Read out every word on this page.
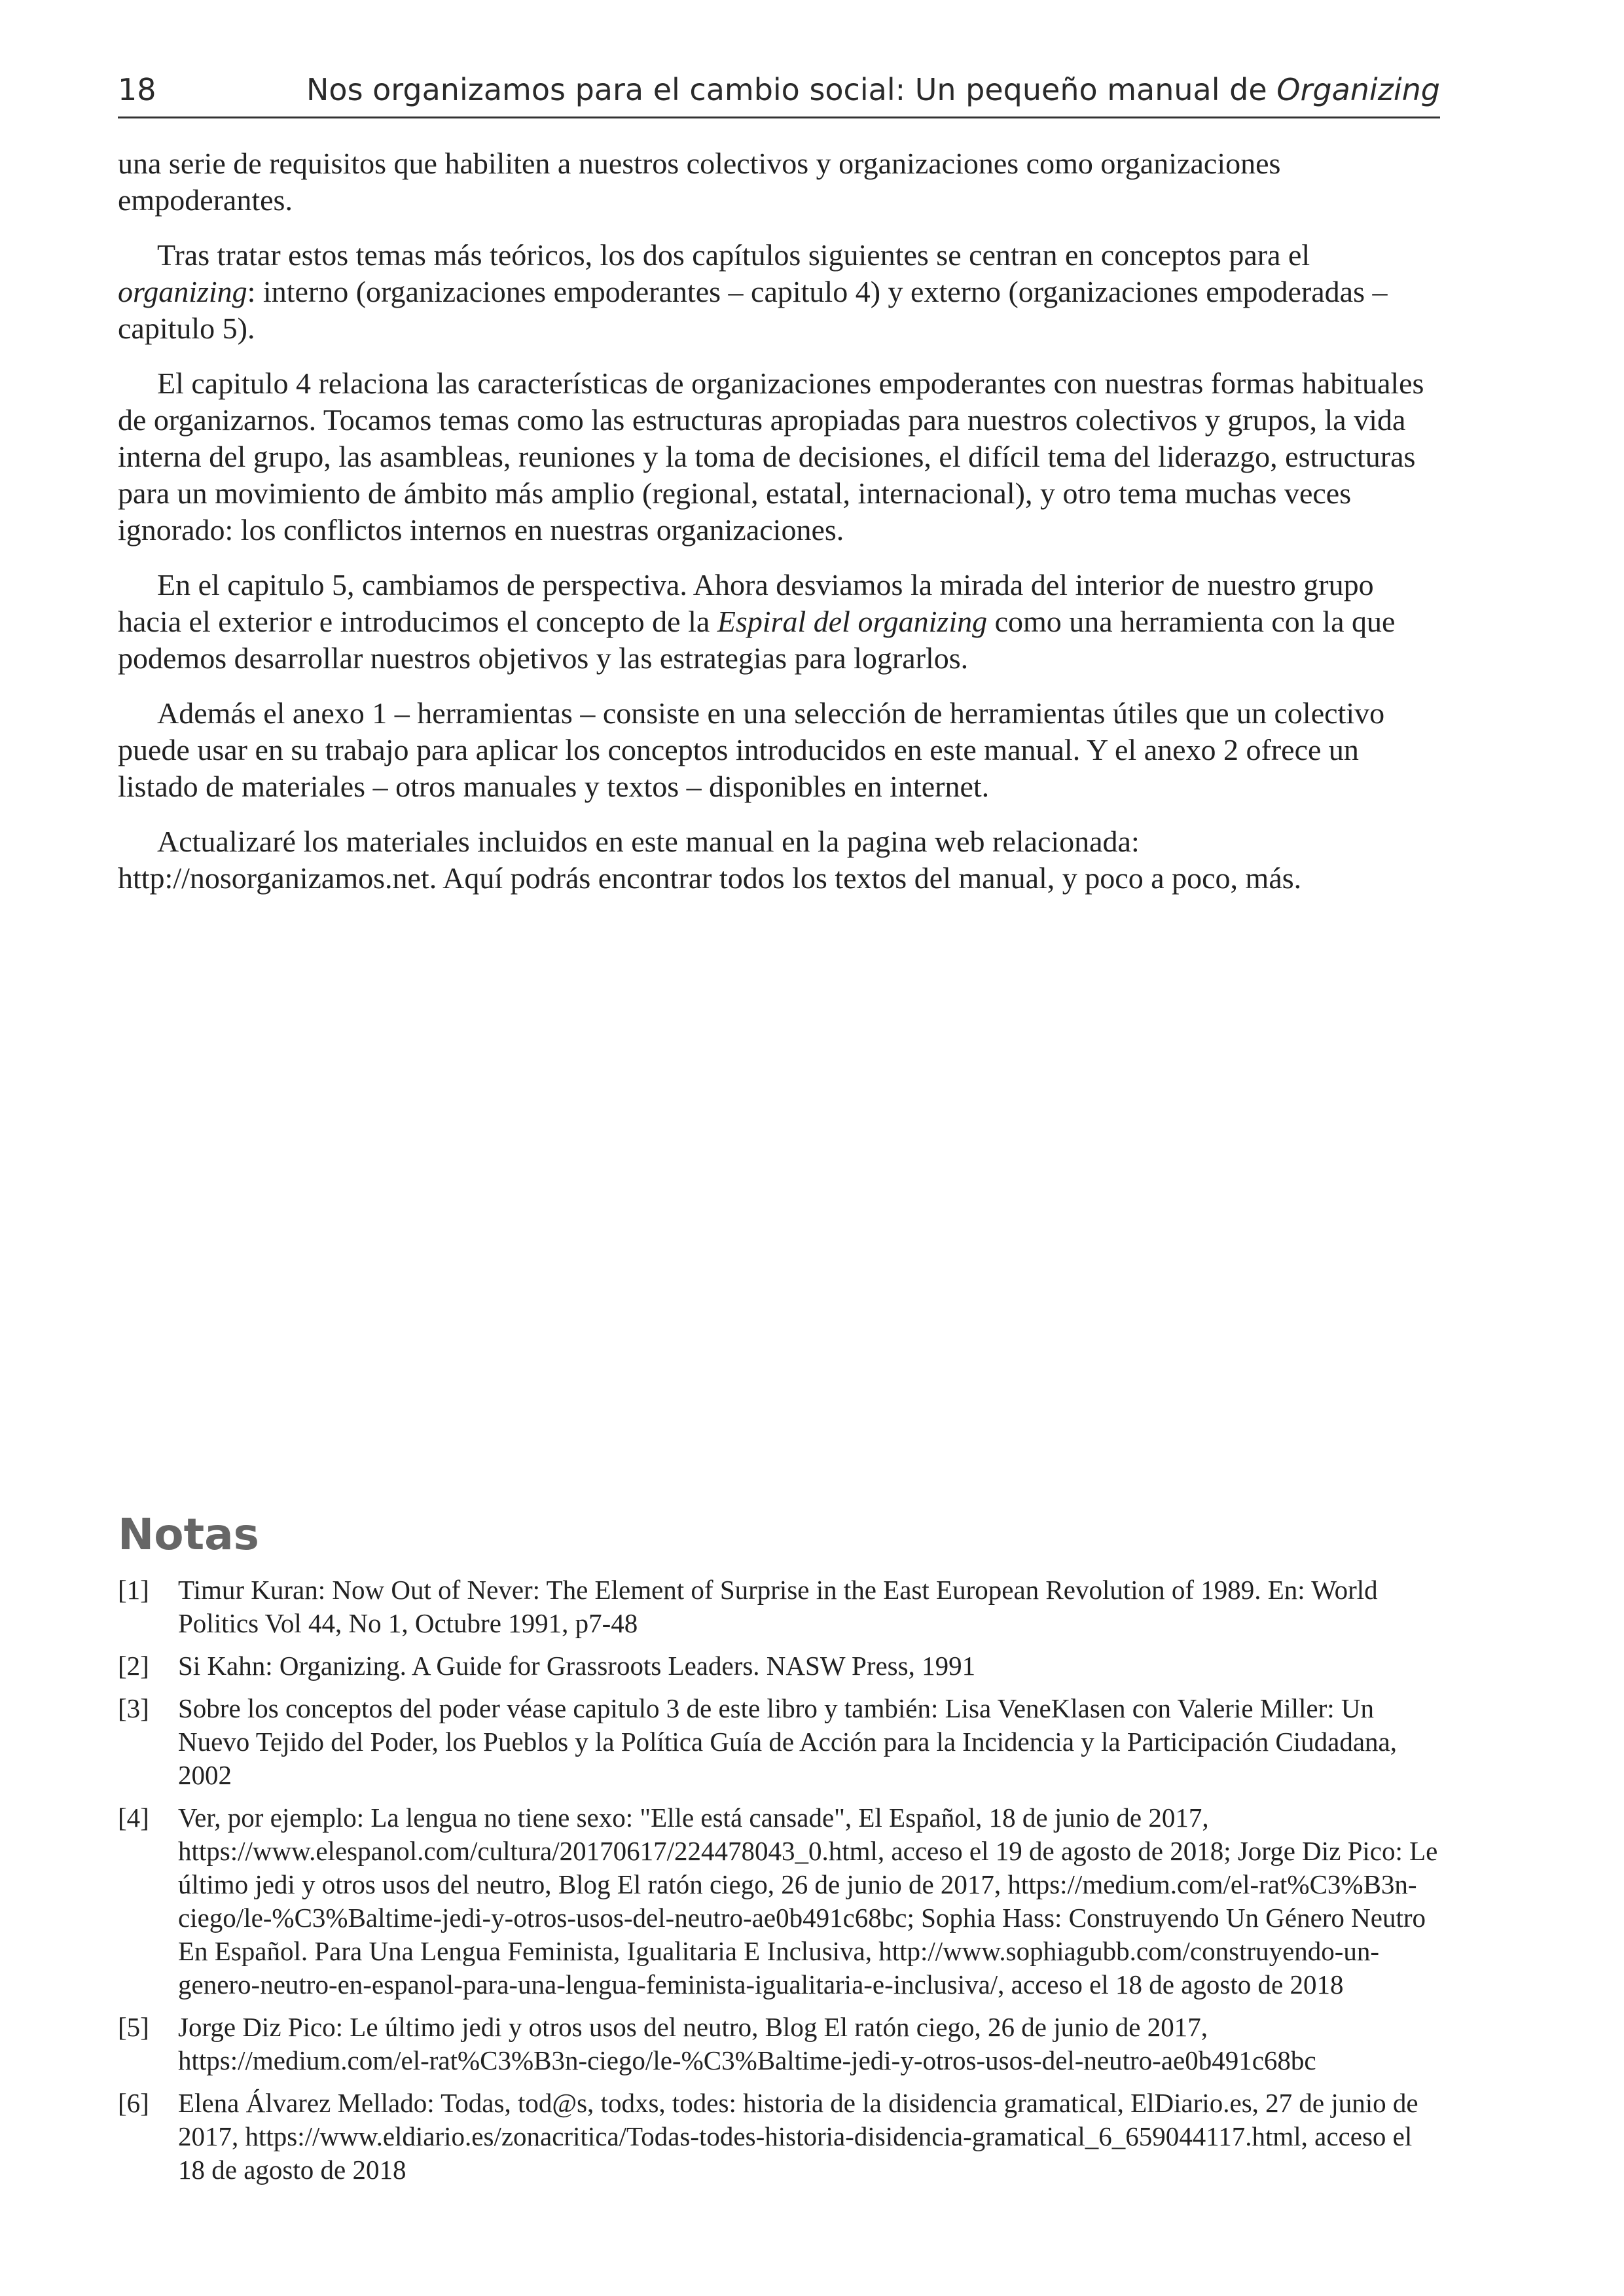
18	Nos organizamos para el cambio social: Un pequeño manual de Organizing

una serie de requisitos que habiliten a nuestros colectivos y organizaciones como organizaciones empoderantes.

Tras tratar estos temas más teóricos, los dos capítulos siguientes se centran en conceptos para el organizing: interno (organizaciones empoderantes – capitulo 4) y externo (organizaciones empoderadas – capitulo 5).

El capitulo 4 relaciona las características de organizaciones empoderantes con nuestras formas habituales de organizarnos. Tocamos temas como las estructuras apropiadas para nuestros colectivos y grupos, la vida interna del grupo, las asambleas, reuniones y la toma de decisiones, el difícil tema del liderazgo, estructuras para un movimiento de ámbito más amplio (regional, estatal, internacional), y otro tema muchas veces ignorado: los conflictos internos en nuestras organizaciones.

En el capitulo 5, cambiamos de perspectiva. Ahora desviamos la mirada del interior de nuestro grupo hacia el exterior e introducimos el concepto de la Espiral del organizing como una herramienta con la que podemos desarrollar nuestros objetivos y las estrategias para lograrlos.

Además el anexo 1 – herramientas – consiste en una selección de herramientas útiles que un colectivo puede usar en su trabajo para aplicar los conceptos introducidos en este manual. Y el anexo 2 ofrece un listado de materiales – otros manuales y textos – disponibles en internet.

Actualizaré los materiales incluidos en este manual en la pagina web relacionada: http://nosorganizamos.net. Aquí podrás encontrar todos los textos del manual, y poco a poco, más.

Notas
[1] Timur Kuran: Now Out of Never: The Element of Surprise in the East European Revolution of 1989. En: World Politics Vol 44, No 1, Octubre 1991, p7-48
[2] Si Kahn: Organizing. A Guide for Grassroots Leaders. NASW Press, 1991
[3] Sobre los conceptos del poder véase capitulo 3 de este libro y también: Lisa VeneKlasen con Valerie Miller: Un Nuevo Tejido del Poder, los Pueblos y la Política Guía de Acción para la Incidencia y la Participación Ciudadana, 2002
[4] Ver, por ejemplo: La lengua no tiene sexo: "Elle está cansade", El Español, 18 de junio de 2017, https://www.elespanol.com/cultura/20170617/224478043_0.html, acceso el 19 de agosto de 2018; Jorge Diz Pico: Le último jedi y otros usos del neutro, Blog El ratón ciego, 26 de junio de 2017, https://medium.com/el-rat%C3%B3n-ciego/le-%C3%Baltime-jedi-y-otros-usos-del-neutro-ae0b491c68bc; Sophia Hass: Construyendo Un Género Neutro En Español. Para Una Lengua Feminista, Igualitaria E Inclusiva, http://www.sophiagubb.com/construyendo-un-genero-neutro-en-espanol-para-una-lengua-feminista-igualitaria-e-inclusiva/, acceso el 18 de agosto de 2018
[5] Jorge Diz Pico: Le último jedi y otros usos del neutro, Blog El ratón ciego, 26 de junio de 2017, https://medium.com/el-rat%C3%B3n-ciego/le-%C3%Baltime-jedi-y-otros-usos-del-neutro-ae0b491c68bc
[6] Elena Álvarez Mellado: Todas, tod@s, todxs, todes: historia de la disidencia gramatical, ElDiario.es, 27 de junio de 2017, https://www.eldiario.es/zonacritica/Todas-todes-historia-disidencia-gramatical_6_659044117.html, acceso el 18 de agosto de 2018
